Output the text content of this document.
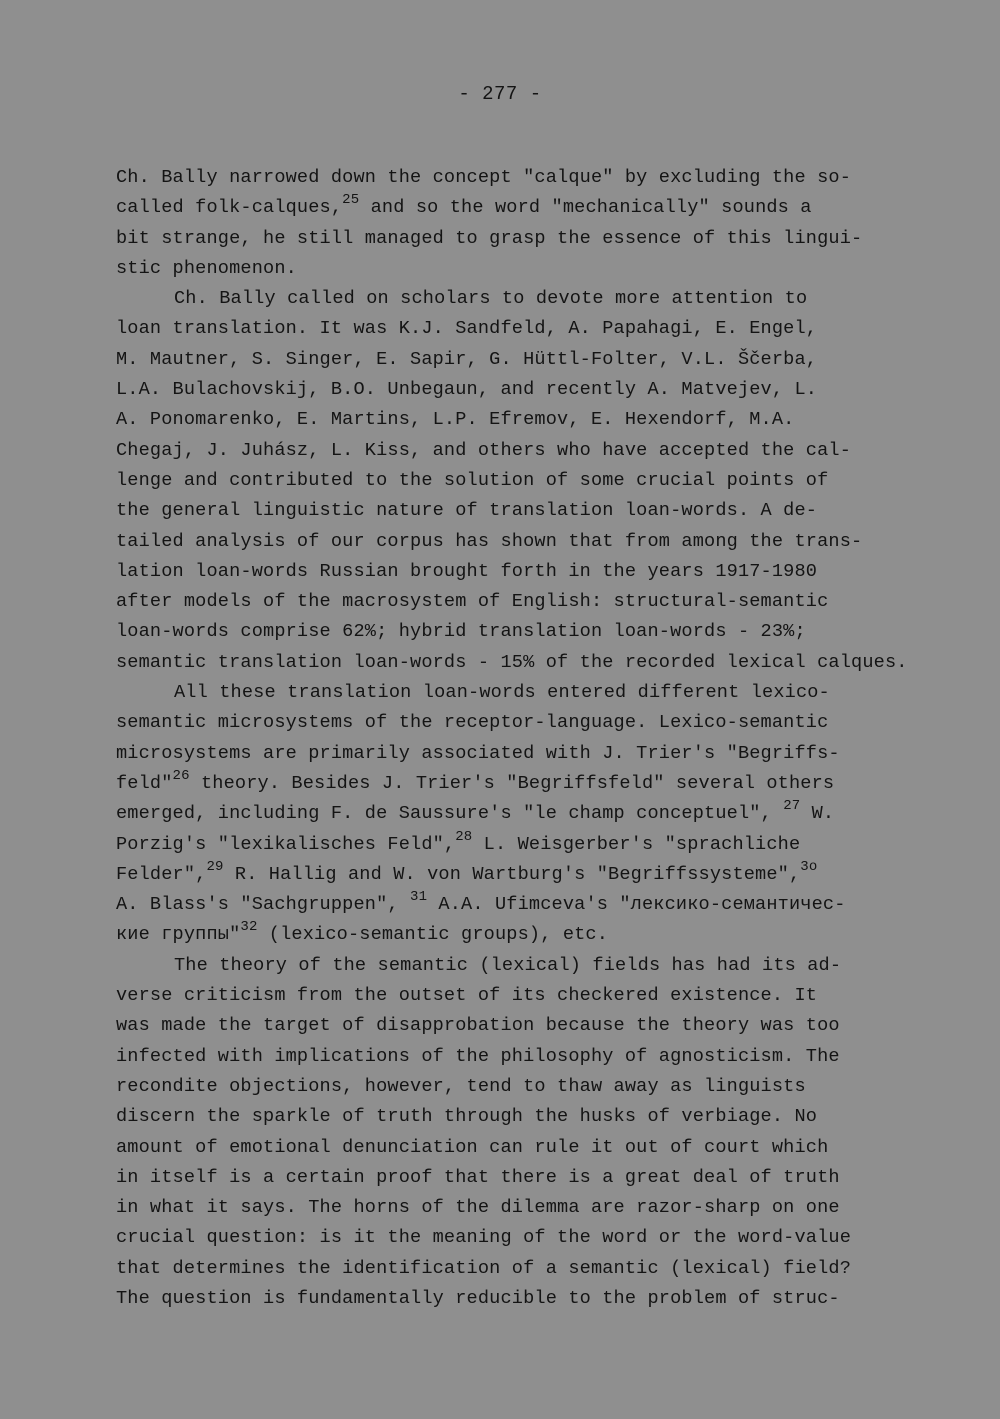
- 277 -
Ch. Bally narrowed down the concept "calque" by excluding the so-
called folk-calques,$^{25}$ and so the word "mechanically" sounds a
bit strange, he still managed to grasp the essence of this lingui-
stic phenomenon.
Ch. Bally called on scholars to devote more attention to
loan translation. It was K.J. Sandfeld, A. Papahagi, E. Engel,
M. Mautner, S. Singer, E. Sapir, G. Hüttl-Folter, V.L. Ščerba,
L.A. Bulachovskij, B.O. Unbegaun, and recently A. Matvejev, L.
A. Ponomarenko, E. Martins, L.P. Efremov, E. Hexendorf, M.A.
Chegaj, J. Juhász, L. Kiss, and others who have accepted the cal-
lenge and contributed to the solution of some crucial points of
the general linguistic nature of translation loan-words. A de-
tailed analysis of our corpus has shown that from among the trans-
lation loan-words Russian brought forth in the years 1917-1980
after models of the macrosystem of English: structural-semantic
loan-words comprise 62%; hybrid translation loan-words - 23%;
semantic translation loan-words - 15% of the recorded lexical calques.
All these translation loan-words entered different lexico-
semantic microsystems of the receptor-language. Lexico-semantic
microsystems are primarily associated with J. Trier's "Begriffs-
feld"$^{26}$ theory. Besides J. Trier's "Begriffsfeld" several others
emerged, including F. de Saussure's "le champ conceptuel", $^{27}$ W.
Porzig's "lexikalisches Feld",$^{28}$ L. Weisgerber's "sprachliche
Felder",$^{29}$ R. Hallig and W. von Wartburg's "Begriffssysteme",$^{3o}$
A. Blass's "Sachgruppen", $^{31}$ A.A. Ufimceva's "лексико-семантичес-
кие группы"$^{32}$ (lexico-semantic groups), etc.
The theory of the semantic (lexical) fields has had its ad-
verse criticism from the outset of its checkered existence. It
was made the target of disapprobation because the theory was too
infected with implications of the philosophy of agnosticism. The
recondite objections, however, tend to thaw away as linguists
discern the sparkle of truth through the husks of verbiage. No
amount of emotional denunciation can rule it out of court which
in itself is a certain proof that there is a great deal of truth
in what it says. The horns of the dilemma are razor-sharp on one
crucial question: is it the meaning of the word or the word-value
that determines the identification of a semantic (lexical) field?
The question is fundamentally reducible to the problem of struc-
